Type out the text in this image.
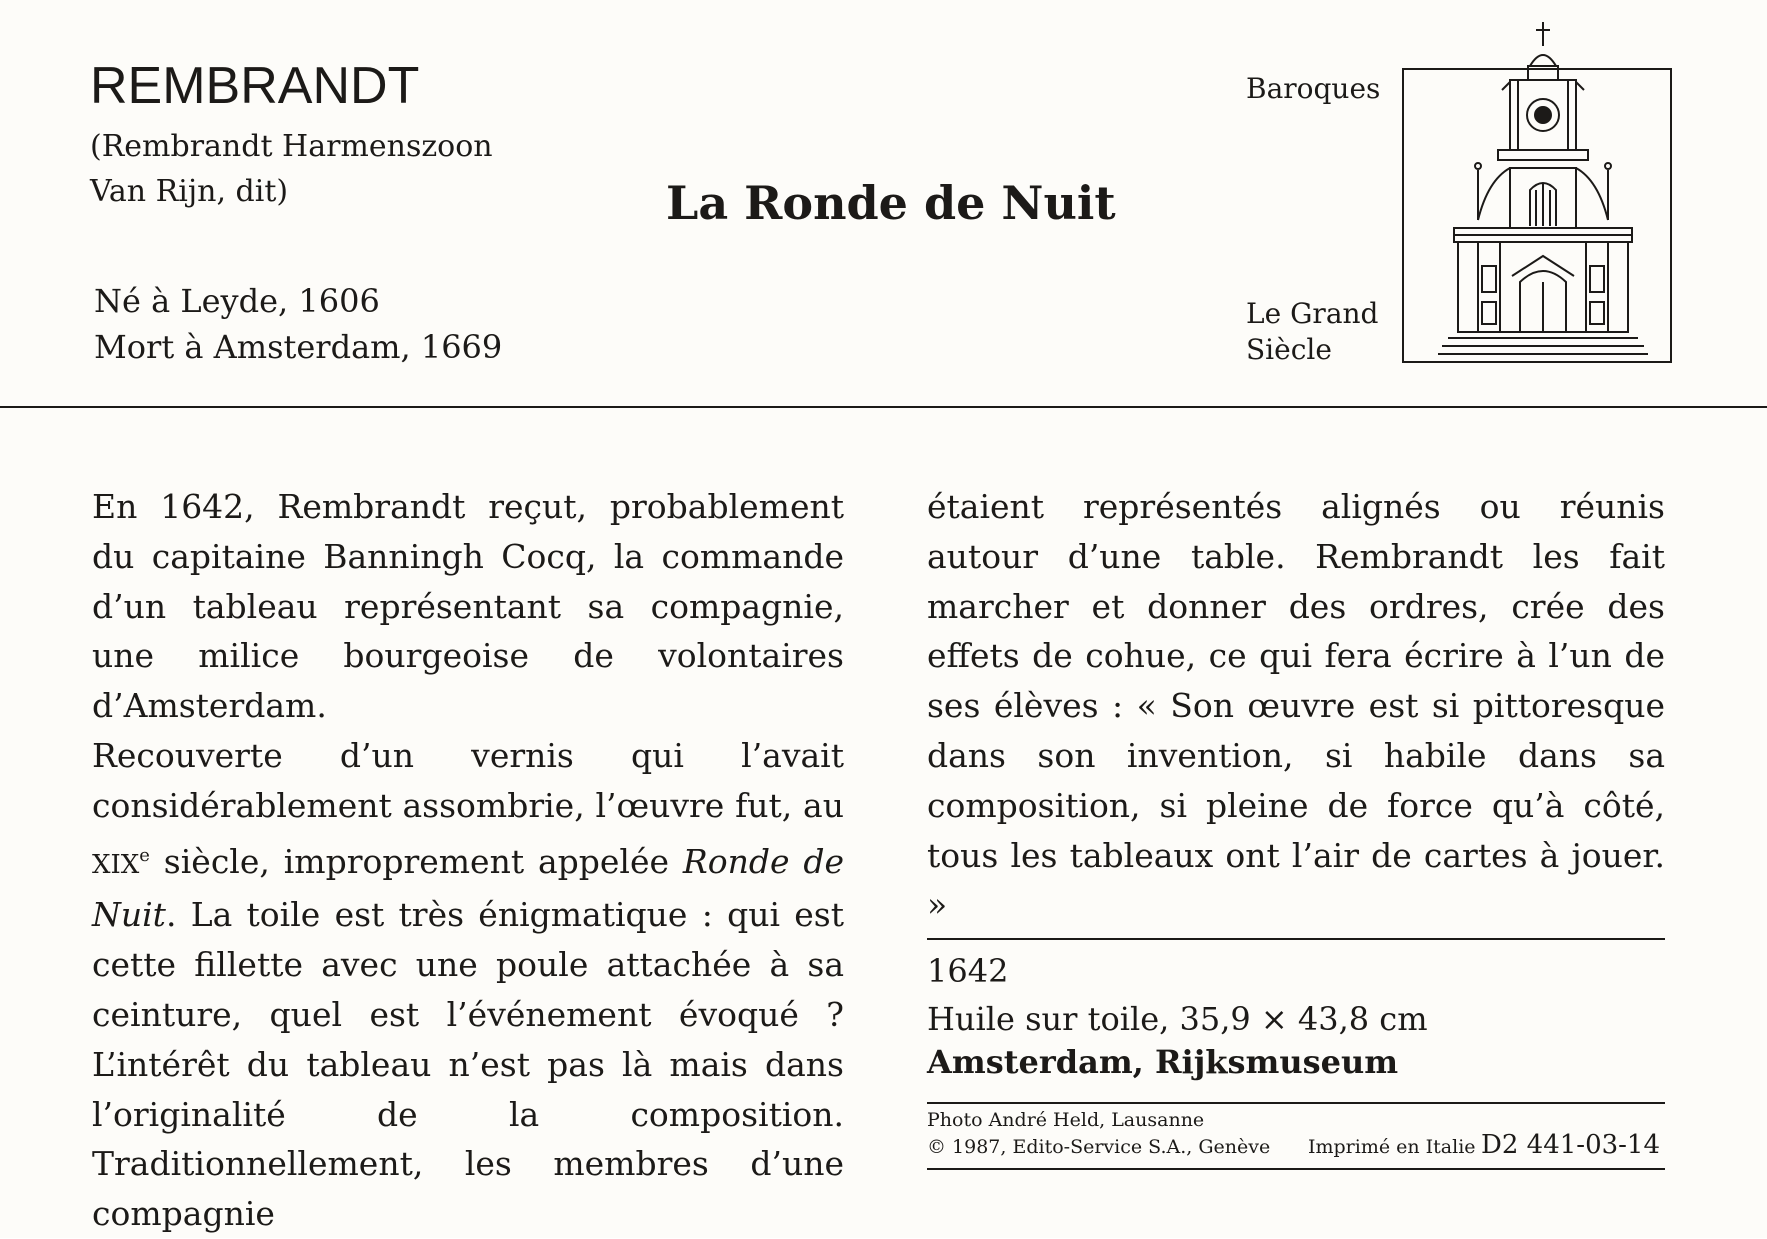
REMBRANDT
(Rembrandt Harmenszoon
Van Rijn, dit)
Né à Leyde, 1606
Mort à Amsterdam, 1669
La Ronde de Nuit
Baroques
Le Grand
Siècle

En 1642, Rembrandt reçut, probablement du capitaine Banningh Cocq, la commande d’un tableau représentant sa compagnie, une milice bourgeoise de volontaires d’Amsterdam.

Recouverte d’un vernis qui l’avait considérablement assombrie, l’œuvre fut, au XIXe siècle, improprement appelée Ronde de Nuit. La toile est très énigmatique : qui est cette fillette avec une poule attachée à sa ceinture, quel est l’événement évoqué ? L’intérêt du tableau n’est pas là mais dans l’originalité de la composition. Traditionnellement, les membres d’une compagnie

étaient représentés alignés ou réunis autour d’une table. Rembrandt les fait marcher et donner des ordres, crée des effets de cohue, ce qui fera écrire à l’un de ses élèves : « Son œuvre est si pittoresque dans son invention, si habile dans sa composition, si pleine de force qu’à côté, tous les tableaux ont l’air de cartes à jouer. »

1642
Huile sur toile, 35,9 × 43,8 cm
Amsterdam, Rijksmuseum
Photo André Held, Lausanne
© 1987, Edito-Service S.A., Genève Imprimé en Italie D2 441-03-14
